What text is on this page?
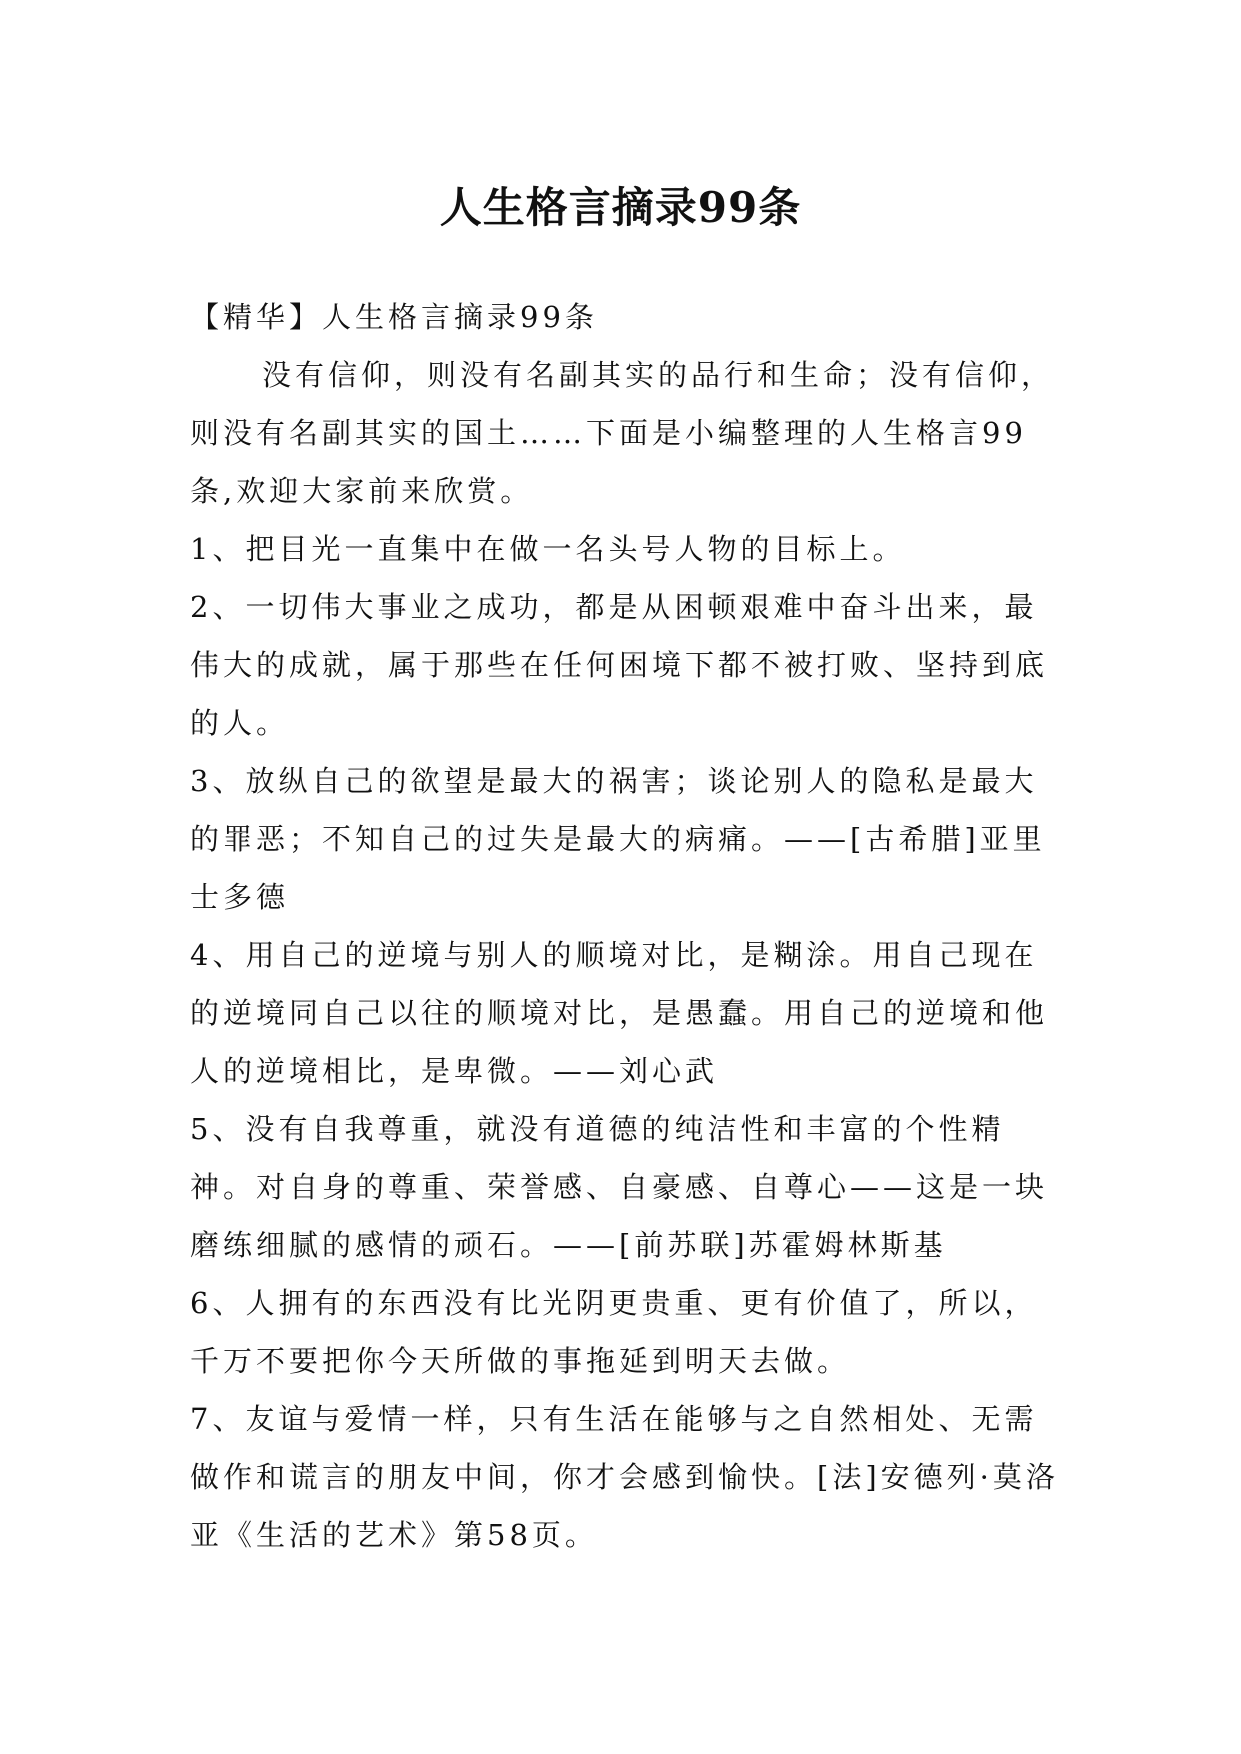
人生格言摘录99条

【精华】人生格言摘录99条

没有信仰，则没有名副其实的品行和生命；没有信仰，则没有名副其实的国土……下面是小编整理的人生格言99条,欢迎大家前来欣赏。

1、把目光一直集中在做一名头号人物的目标上。

2、一切伟大事业之成功，都是从困顿艰难中奋斗出来，最伟大的成就，属于那些在任何困境下都不被打败、坚持到底的人。

3、放纵自己的欲望是最大的祸害；谈论别人的隐私是最大的罪恶；不知自己的过失是最大的病痛。——[古希腊]亚里士多德

4、用自己的逆境与别人的顺境对比，是糊涂。用自己现在的逆境同自己以往的顺境对比，是愚蠢。用自己的逆境和他人的逆境相比，是卑微。——刘心武

5、没有自我尊重，就没有道德的纯洁性和丰富的个性精神。对自身的尊重、荣誉感、自豪感、自尊心——这是一块磨练细腻的感情的顽石。——[前苏联]苏霍姆林斯基

6、人拥有的东西没有比光阴更贵重、更有价值了，所以，千万不要把你今天所做的事拖延到明天去做。

7、友谊与爱情一样，只有生活在能够与之自然相处、无需做作和谎言的朋友中间，你才会感到愉快。[法]安德列·莫洛亚《生活的艺术》第58页。
